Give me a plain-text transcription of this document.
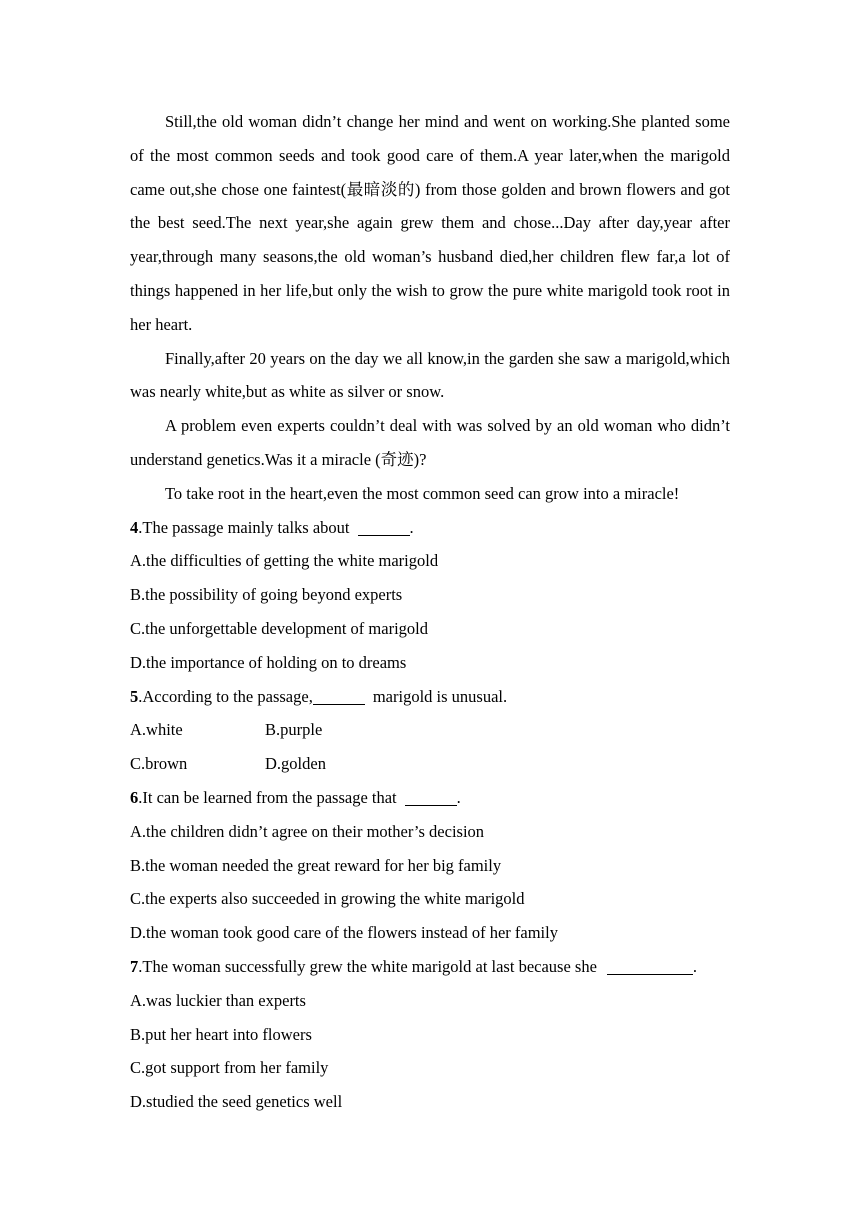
Still,the old woman didn’t change her mind and went on working.She planted some of the most common seeds and took good care of them.A year later,when the marigold came out,she chose one faintest(最暗淡的) from those golden and brown flowers and got the best seed.The next year,she again grew them and chose...Day after day,year after year,through many seasons,the old woman’s husband died,her children flew far,a lot of things happened in her life,but only the wish to grow the pure white marigold took root in her heart.

Finally,after 20 years on the day we all know,in the garden she saw a marigold,which was nearly white,but as white as silver or snow.

A problem even experts couldn’t deal with was solved by an old woman who didn’t understand genetics.Was it a miracle (奇迹)?

To take root in the heart,even the most common seed can grow into a miracle!

4.The passage mainly talks about	.
A.the difficulties of getting the white marigold
B.the possibility of going beyond experts
C.the unforgettable development of marigold
D.the importance of holding on to dreams
5.According to the passage,	marigold is unusual.
A.white	B.purple
C.brown	D.golden
6.It can be learned from the passage that	.
A.the children didn’t agree on their mother’s decision
B.the woman needed the great reward for her big family
C.the experts also succeeded in growing the white marigold
D.the woman took good care of the flowers instead of her family
7.The woman successfully grew the white marigold at last because she	.
A.was luckier than experts
B.put her heart into flowers
C.got support from her family
D.studied the seed genetics well
